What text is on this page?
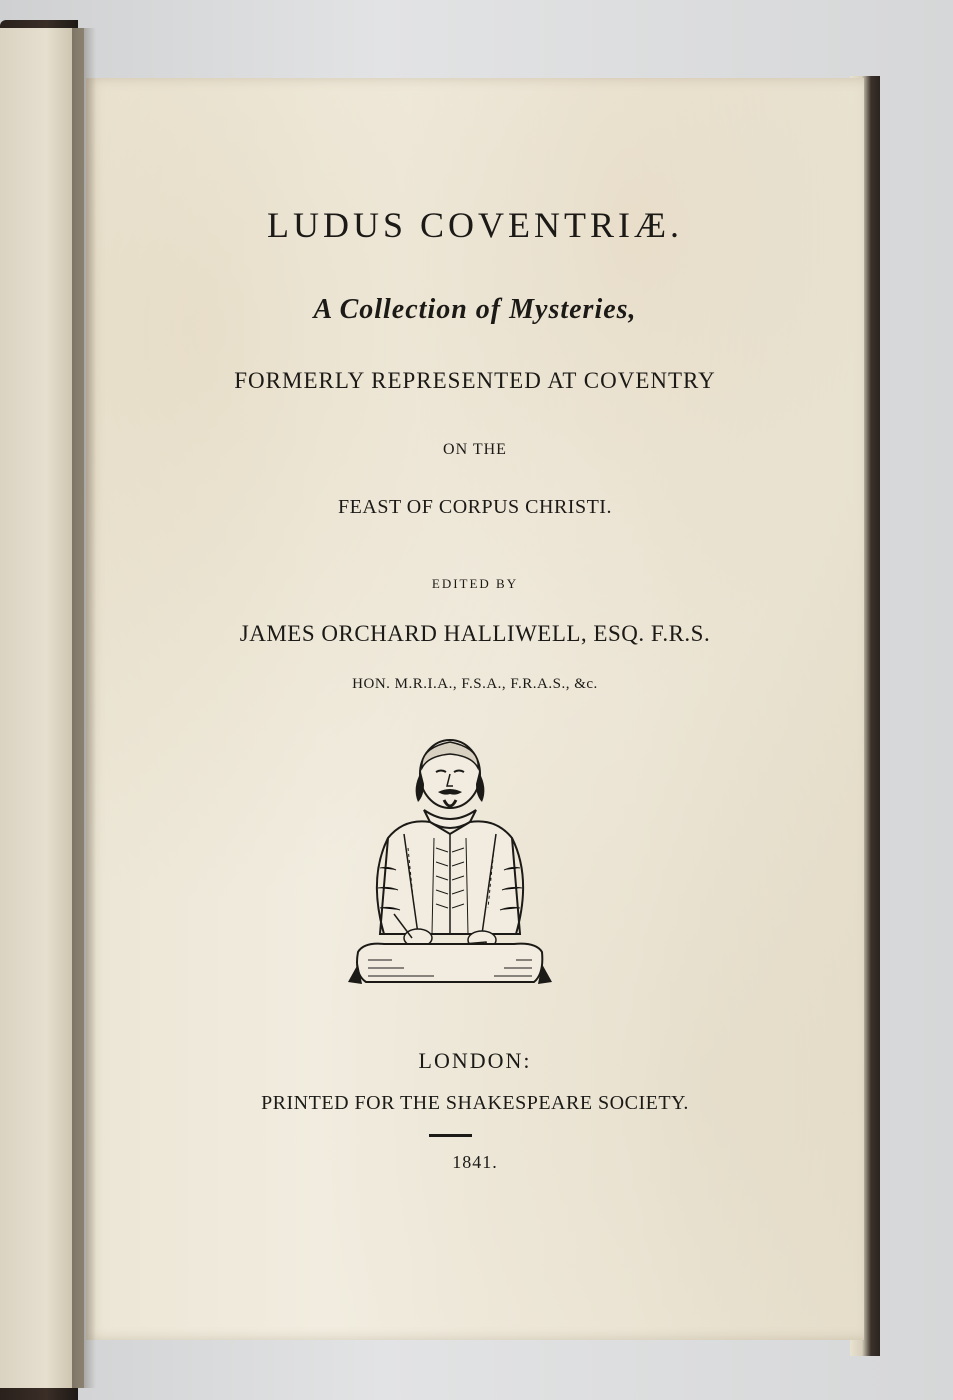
LUDUS COVENTRIÆ.
A Collection of Mysteries,
FORMERLY REPRESENTED AT COVENTRY
ON THE
FEAST OF CORPUS CHRISTI.
EDITED BY
JAMES ORCHARD HALLIWELL, ESQ. F.R.S.
HON. M.R.I.A., F.S.A., F.R.A.S., &c.
LONDON:
PRINTED FOR THE SHAKESPEARE SOCIETY.
1841.
